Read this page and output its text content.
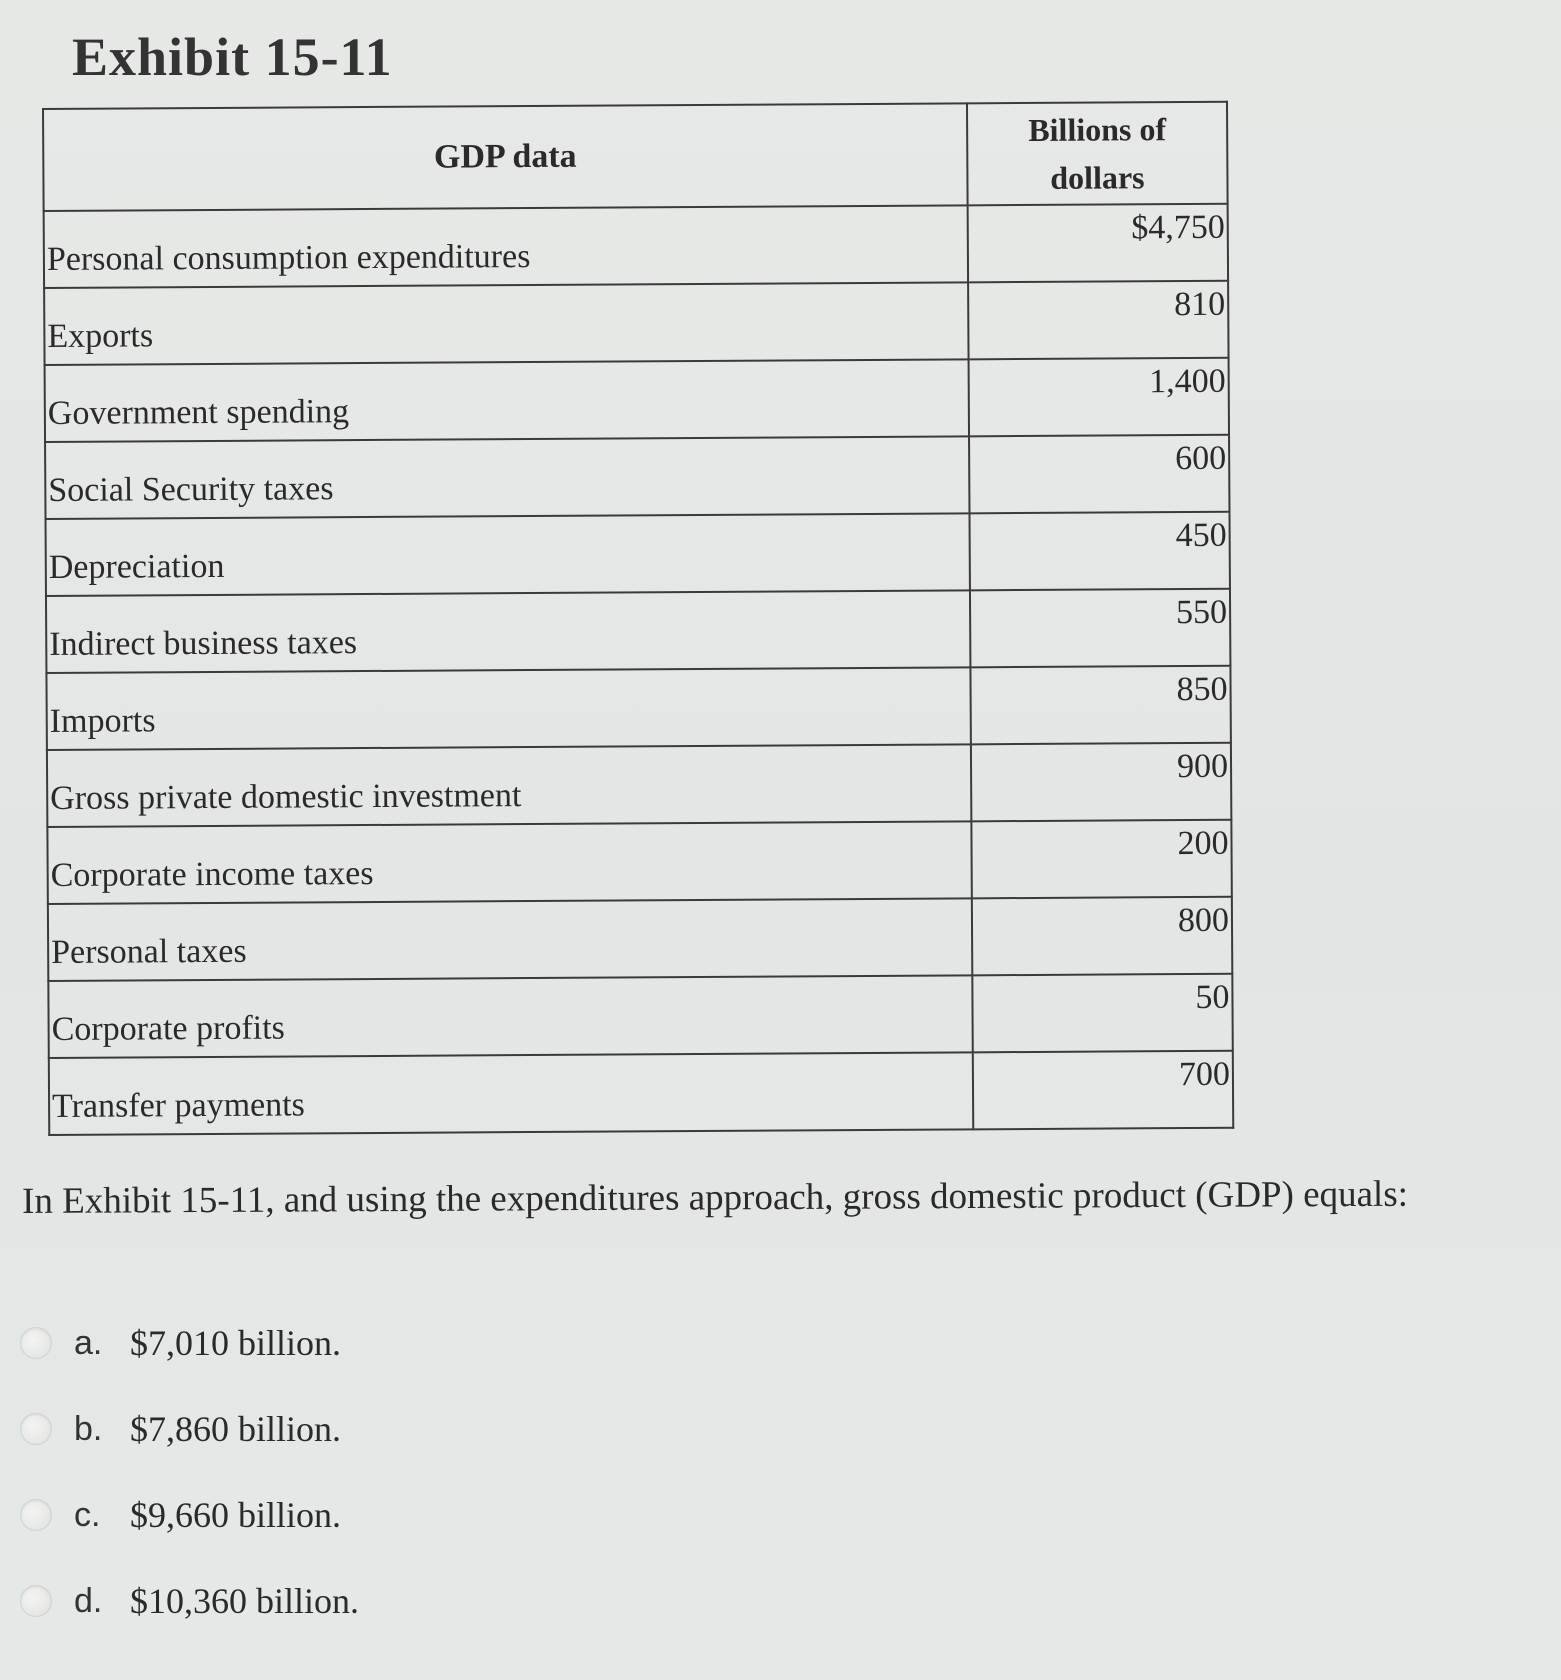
Exhibit 15-11
GDP data	Billions of
dollars
Personal consumption expenditures	$4,750
Exports	810
Government spending	1,400
Social Security taxes	600
Depreciation	450
Indirect business taxes	550
Imports	850
Gross private domestic investment	900
Corporate income taxes	200
Personal taxes	800
Corporate profits	50
Transfer payments	700

In Exhibit 15-11, and using the expenditures approach, gross domestic product (GDP) equals:

a. $7,010 billion.
b. $7,860 billion.
c. $9,660 billion.
d. $10,360 billion.
